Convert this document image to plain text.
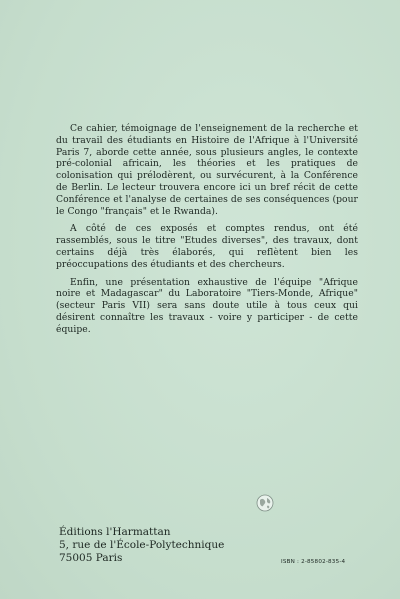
Ce cahier, témoignage de l'enseignement de la recherche et du travail des étudiants en Histoire de l'Afrique à l'Université Paris 7, aborde cette année, sous plusieurs angles, le contexte pré-colonial africain, les théories et les pratiques de colonisation qui prélodèrent, ou survécurent, à la Conférence de Berlin. Le lecteur trouvera encore ici un bref récit de cette Conférence et l'analyse de certaines de ses conséquences (pour le Congo "français" et le Rwanda).

A côté de ces exposés et comptes rendus, ont été rassemblés, sous le titre "Etudes diverses", des travaux, dont certains déjà très élaborés, qui reflètent bien les préoccupations des étudiants et des chercheurs.

Enfin, une présentation exhaustive de l'équipe "Afrique noire et Madagascar" du Laboratoire "Tiers-Monde, Afrique" (secteur Paris VII) sera sans doute utile à tous ceux qui désirent connaître les travaux - voire y participer - de cette équipe.

Éditions l'Harmattan
5, rue de l'École-Polytechnique
75005 Paris	ISBN : 2-85802-835-4
